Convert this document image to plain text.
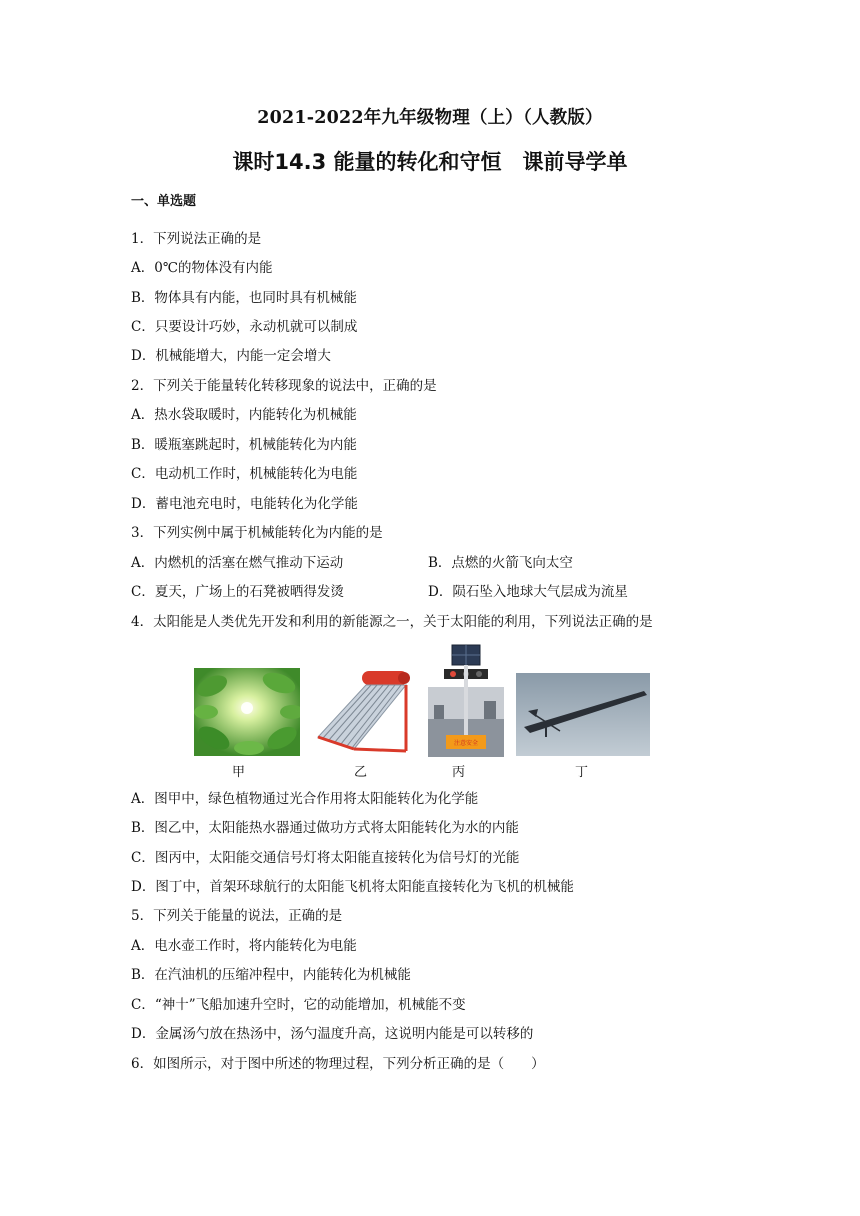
2021-2022年九年级物理（上）（人教版）
课时14.3 能量的转化和守恒　课前导学单
一、单选题
1．下列说法正确的是
A．0℃的物体没有内能
B．物体具有内能，也同时具有机械能
C．只要设计巧妙，永动机就可以制成
D．机械能增大，内能一定会增大
2．下列关于能量转化转移现象的说法中，正确的是
A．热水袋取暖时，内能转化为机械能
B．暖瓶塞跳起时，机械能转化为内能
C．电动机工作时，机械能转化为电能
D．蓄电池充电时，电能转化为化学能
3．下列实例中属于机械能转化为内能的是
A．内燃机的活塞在燃气推动下运动	B．点燃的火箭飞向太空
C．夏天，广场上的石凳被晒得发烫	D．陨石坠入地球大气层成为流星
4．太阳能是人类优先开发和利用的新能源之一，关于太阳能的利用，下列说法正确的是
A．图甲中，绿色植物通过光合作用将太阳能转化为化学能
B．图乙中，太阳能热水器通过做功方式将太阳能转化为水的内能
C．图丙中，太阳能交通信号灯将太阳能直接转化为信号灯的光能
D．图丁中，首架环球航行的太阳能飞机将太阳能直接转化为飞机的机械能
5．下列关于能量的说法，正确的是
A．电水壶工作时，将内能转化为电能
B．在汽油机的压缩冲程中，内能转化为机械能
C．“神十”飞船加速升空时，它的动能增加，机械能不变
D．金属汤勺放在热汤中，汤勺温度升高，这说明内能是可以转移的
6．如图所示，对于图中所述的物理过程，下列分析正确的是（　　）
甲	乙
注意安全
丙	丁
